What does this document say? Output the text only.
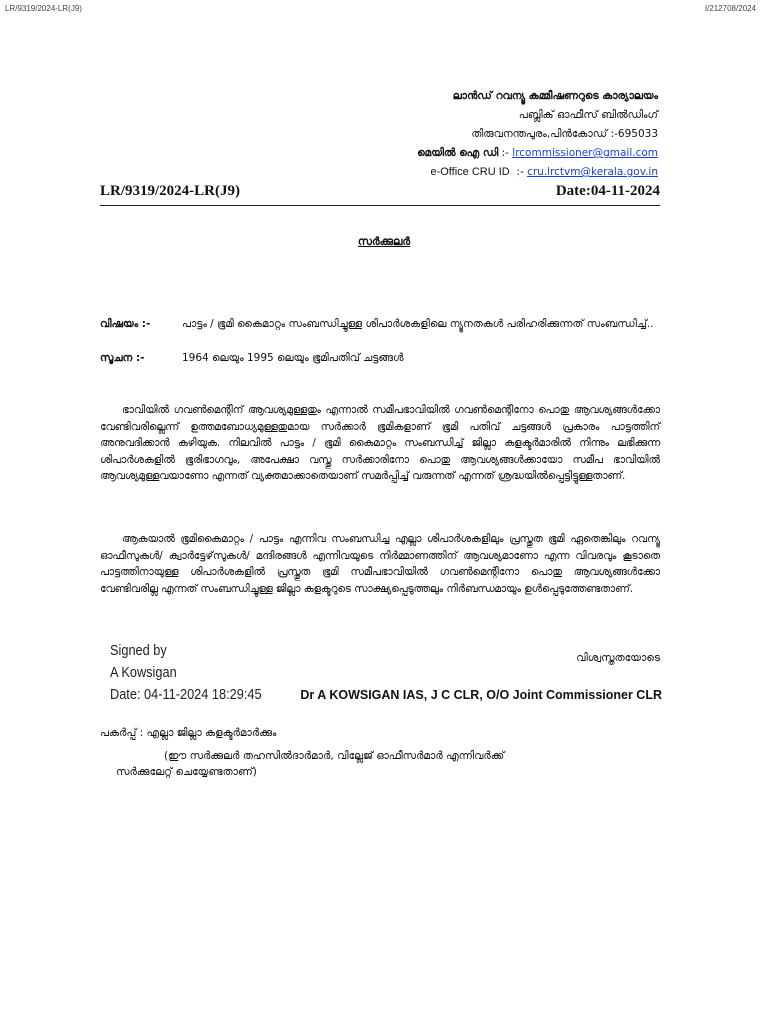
LR/9319/2024-LR(J9)	I/212708/2024
ലാൻഡ് റവന്യൂ കമ്മീഷണറുടെ കാര്യാലയം
പബ്ലിക് ഓഫീസ് ബിൽഡിംഗ്
തിരുവനന്തപുരം,പിൻകോഡ് :-695033
മെയിൽ ഐ ഡി :- lrcommissioner@gmail.com
e-Office CRU ID :- cru.lrctvm@kerala.gov.in
LR/9319/2024-LR(J9)	Date:04-11-2024
സർക്കുലർ
വിഷയം :-	പാട്ടം / ഭൂമി കൈമാറ്റം സംബന്ധിച്ചുള്ള ശിപാർശകളിലെ ന്യൂനതകൾ പരിഹരിക്കുന്നത് സംബന്ധിച്ച്..
സൂചന :-	1964 ലെയും 1995 ലെയും ഭൂമിപതിവ് ചട്ടങ്ങൾ
ഭാവിയിൽ ഗവൺമെന്റിന് ആവശ്യമുള്ളതും എന്നാൽ സമീപഭാവിയിൽ ഗവൺമെന്റിനോ പൊതു ആവശ്യങ്ങൾക്കോ വേണ്ടിവരില്ലെന്ന് ഉത്തമബോധ്യമുള്ളതുമായ സർക്കാർ ഭൂമികളാണ് ഭൂമി പതിവ് ചട്ടങ്ങൾ പ്രകാരം പാട്ടത്തിന് അനുവദിക്കാൻ കഴിയുക. നിലവിൽ പാട്ടം / ഭൂമി കൈമാറ്റം സംബന്ധിച്ച് ജില്ലാ കളക്ടർമാരിൽ നിന്നും ലഭിക്കുന്ന ശിപാർശകളിൽ ഭൂരിഭാഗവും, അപേക്ഷാ വസ്തു സർക്കാരിനോ പൊതു ആവശ്യങ്ങൾക്കായോ സമീപ ഭാവിയിൽ ആവശ്യമുള്ളവയാണോ എന്നത് വ്യക്തമാക്കാതെയാണ് സമർപ്പിച്ച് വരുന്നത് എന്നത് ശ്രദ്ധയിൽപ്പെട്ടിട്ടുള്ളതാണ്.
ആകയാൽ ഭൂമികൈമാറ്റം / പാട്ടം എന്നിവ സംബന്ധിച്ച എല്ലാ ശിപാർശകളിലും പ്രസ്തുത ഭൂമി ഏതെങ്കിലും റവന്യൂ ഓഫീസുകൾ/ ക്വാർട്ടേഴ്‌സുകൾ/ മന്ദിരങ്ങൾ എന്നിവയുടെ നിർമ്മാണത്തിന് ആവശ്യമാണോ എന്ന വിവരവും കൂടാതെ പാട്ടത്തിനായുള്ള ശിപാർശകളിൽ പ്രസ്തുത ഭൂമി സമീപഭാവിയിൽ ഗവൺമെന്റിനോ പൊതു ആവശ്യങ്ങൾക്കോ വേണ്ടിവരില്ല എന്നത് സംബന്ധിച്ചുള്ള ജില്ലാ കളക്ടറുടെ സാക്ഷ്യപ്പെടുത്തലും നിർബന്ധമായും ഉൾപ്പെടുത്തേണ്ടതാണ്.
Signed by
A Kowsigan
Date: 04-11-2024 18:29:45
വിശ്വസ്തതയോടെ
Dr A KOWSIGAN IAS, J C CLR, O/O Joint Commissioner CLR
പകർപ്പ് : എല്ലാ ജില്ലാ കളക്ടർമാർക്കും
(ഈ സർക്കുലർ തഹസിൽദാർമാർ, വില്ലേജ് ഓഫീസർമാർ എന്നിവർക്ക്
സർക്കുലേറ്റ് ചെയ്യേണ്ടതാണ്)
